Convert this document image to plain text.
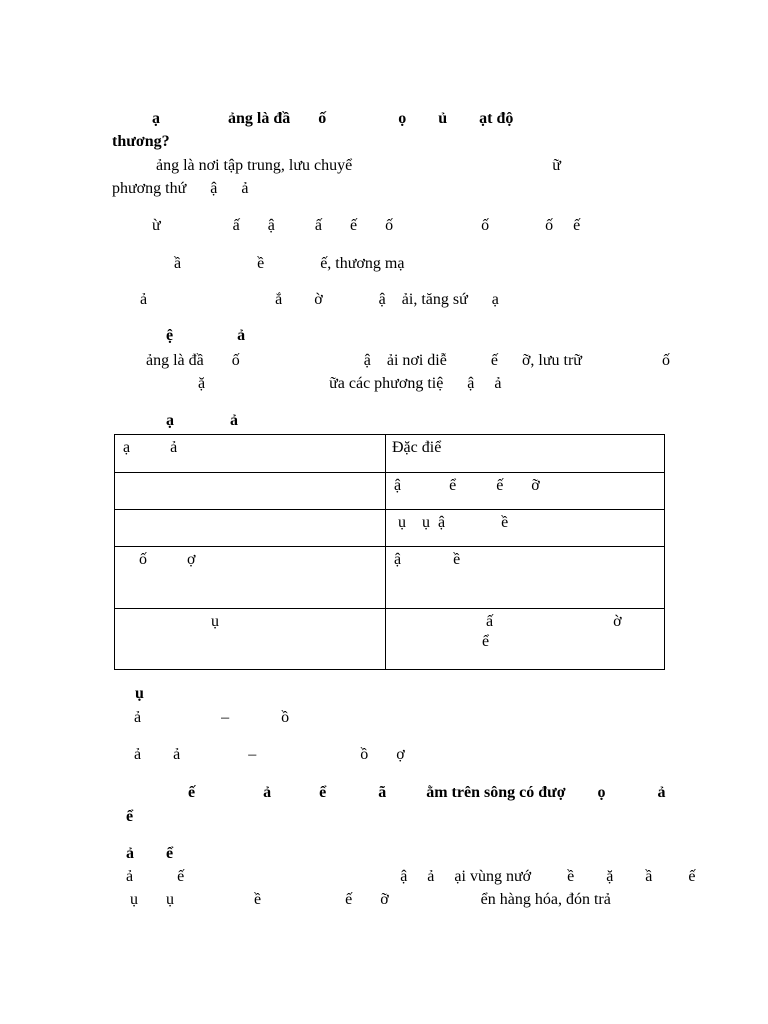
ạ                 ảng là đầ       ố                  ọ        ủ        ạt độ
thương?
ảng là nơi tập trung, lưu chuyể                                                  ữ
phương thứ      ậ      ả
ừ                  ấ       ậ          ấ       ế       ố                      ố              ố     ế
ầ                   ề              ế, thương mạ
ả                                ắ        ờ              ậ    ải, tăng sứ      ạ
ệ                ả
ảng là đầ       ố                               ậ    ải nơi diễ           ế      ỡ, lưu trữ                    ố
ặ                               ữa các phương tiệ      ậ     ả
ạ              ả
ạ          ả	Đặc điể
	ậ            ể          ế       ỡ
	ụ    ụ  ậ              ề
ố          ợ	ậ             ề
ụ	ấ                              ờ
ể
ụ
ả                    –             ồ
ả        ả                 –                          ồ       ợ
ế                 ả            ể             ã          ằm trên sông có đượ        ọ             ả
ể
ả        ể
ả           ế                                                      ậ     ả     ại vùng nướ         ề        ặ        ầ         ế
ụ       ụ                    ề                     ế       ỡ                       ển hàng hóa, đón trả
